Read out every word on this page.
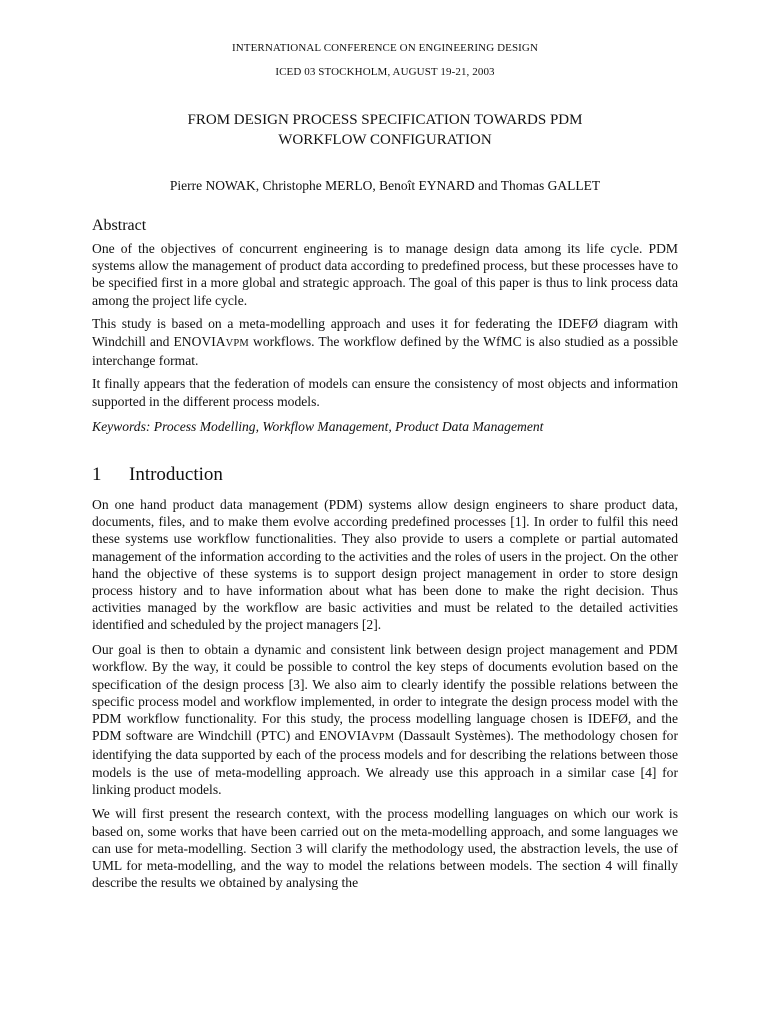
INTERNATIONAL CONFERENCE ON ENGINEERING DESIGN

ICED 03 STOCKHOLM, AUGUST 19-21, 2003

FROM DESIGN PROCESS SPECIFICATION TOWARDS PDM
WORKFLOW CONFIGURATION

Pierre NOWAK, Christophe MERLO, Benoît EYNARD and Thomas GALLET

Abstract

One of the objectives of concurrent engineering is to manage design data among its life cycle. PDM systems allow the management of product data according to predefined process, but these processes have to be specified first in a more global and strategic approach. The goal of this paper is thus to link process data among the project life cycle.

This study is based on a meta-modelling approach and uses it for federating the IDEFØ diagram with Windchill and ENOVIAVPM workflows. The workflow defined by the WfMC is also studied as a possible interchange format.

It finally appears that the federation of models can ensure the consistency of most objects and information supported in the different process models.

Keywords: Process Modelling, Workflow Management, Product Data Management

1 Introduction

On one hand product data management (PDM) systems allow design engineers to share product data, documents, files, and to make them evolve according predefined processes [1]. In order to fulfil this need these systems use workflow functionalities. They also provide to users a complete or partial automated management of the information according to the activities and the roles of users in the project. On the other hand the objective of these systems is to support design project management in order to store design process history and to have information about what has been done to make the right decision. Thus activities managed by the workflow are basic activities and must be related to the detailed activities identified and scheduled by the project managers [2].

Our goal is then to obtain a dynamic and consistent link between design project management and PDM workflow. By the way, it could be possible to control the key steps of documents evolution based on the specification of the design process [3]. We also aim to clearly identify the possible relations between the specific process model and workflow implemented, in order to integrate the design process model with the PDM workflow functionality. For this study, the process modelling language chosen is IDEFØ, and the PDM software are Windchill (PTC) and ENOVIAVPM (Dassault Systèmes). The methodology chosen for identifying the data supported by each of the process models and for describing the relations between those models is the use of meta-modelling approach. We already use this approach in a similar case [4] for linking product models.

We will first present the research context, with the process modelling languages on which our work is based on, some works that have been carried out on the meta-modelling approach, and some languages we can use for meta-modelling. Section 3 will clarify the methodology used, the abstraction levels, the use of UML for meta-modelling, and the way to model the relations between models. The section 4 will finally describe the results we obtained by analysing the
